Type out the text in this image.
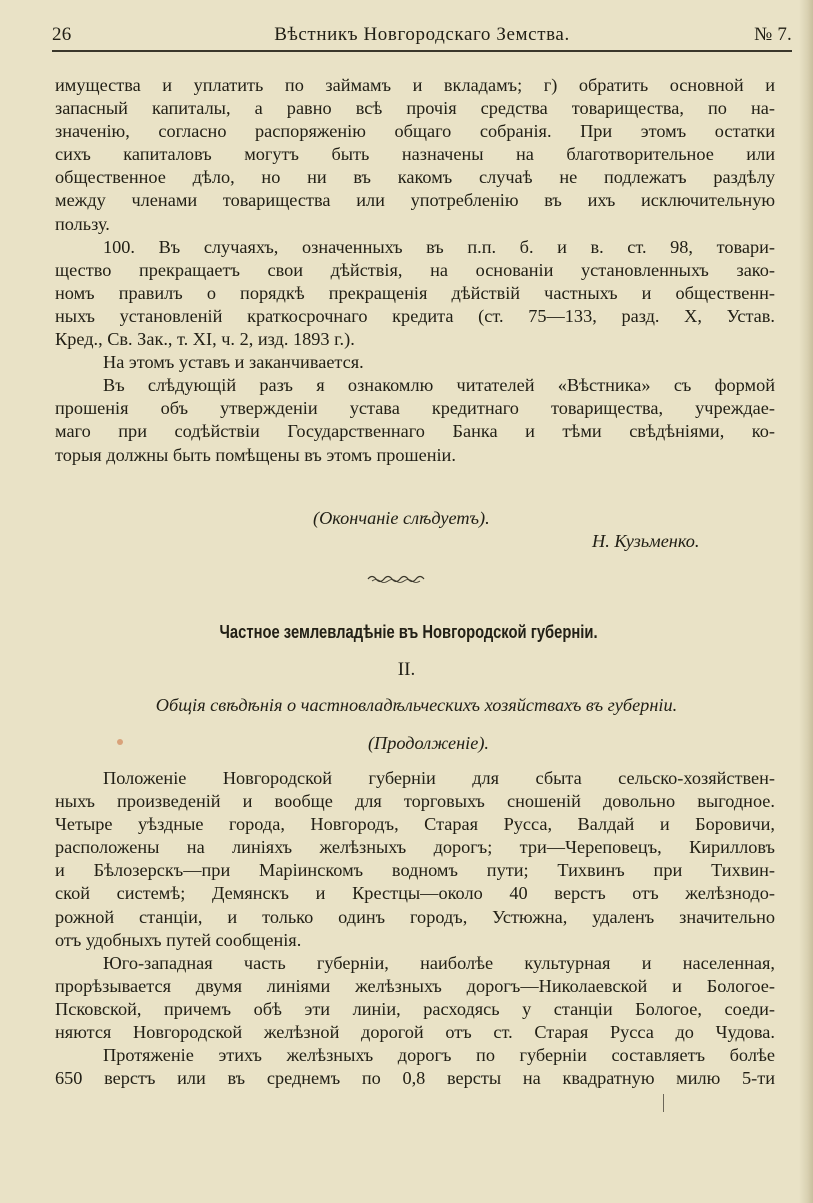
26	Вѣстникъ Новгородскаго Земства.	№ 7.
имущества и уплатить по займамъ и вкладамъ; г) обратить основной и
запасный капиталы, а равно всѣ прочія средства товарищества, по на-
значенію, согласно распоряженію общаго собранія. При этомъ остатки
сихъ капиталовъ могутъ быть назначены на благотворительное или
общественное дѣло, но ни въ какомъ случаѣ не подлежатъ раздѣлу
между членами товарищества или употребленію въ ихъ исключительную
пользу.
100. Въ случаяхъ, означенныхъ въ п.п. б. и в. ст. 98, товари-
щество прекращаетъ свои дѣйствія, на основаніи установленныхъ зако-
номъ правилъ о порядкѣ прекращенія дѣйствій частныхъ и общественн-
ныхъ установленій краткосрочнаго кредита (ст. 75—133, разд. X, Устав.
Кред., Св. Зак., т. XI, ч. 2, изд. 1893 г.).
На этомъ уставъ и заканчивается.
Въ слѣдующій разъ я ознакомлю читателей «Вѣстника» съ формой
прошенія объ утвержденіи устава кредитнаго товарищества, учреждае-
маго при содѣйствіи Государственнаго Банка и тѣми свѣдѣніями, ко-
торыя должны быть помѣщены въ этомъ прошеніи.
(Окончаніе слѣдуетъ).
Н. Кузьменко.
Частное землевладѣніе въ Новгородской губерніи.
II.
Общія свѣдѣнія о частновладѣльческихъ хозяйствахъ въ губерніи.
(Продолженіе).
Положеніе Новгородской губерніи для сбыта сельско-хозяйствен-
ныхъ произведеній и вообще для торговыхъ сношеній довольно выгодное.
Четыре уѣздные города, Новгородъ, Старая Русса, Валдай и Боровичи,
расположены на линіяхъ желѣзныхъ дорогъ; три—Череповецъ, Кирилловъ
и Бѣлозерскъ—при Маріинскомъ водномъ пути; Тихвинъ при Тихвин-
ской системѣ; Демянскъ и Крестцы—около 40 верстъ отъ желѣзнодо-
рожной станціи, и только одинъ городъ, Устюжна, удаленъ значительно
отъ удобныхъ путей сообщенія.
Юго-западная часть губерніи, наиболѣе культурная и населенная,
прорѣзывается двумя линіями желѣзныхъ дорогъ—Николаевской и Бологое-
Псковской, причемъ обѣ эти линіи, расходясь у станціи Бологое, соеди-
няются Новгородской желѣзной дорогой отъ ст. Старая Русса до Чудова.
Протяженіе этихъ желѣзныхъ дорогъ по губерніи составляетъ болѣе
650 верстъ или въ среднемъ по 0,8 версты на квадратную милю 5-ти
